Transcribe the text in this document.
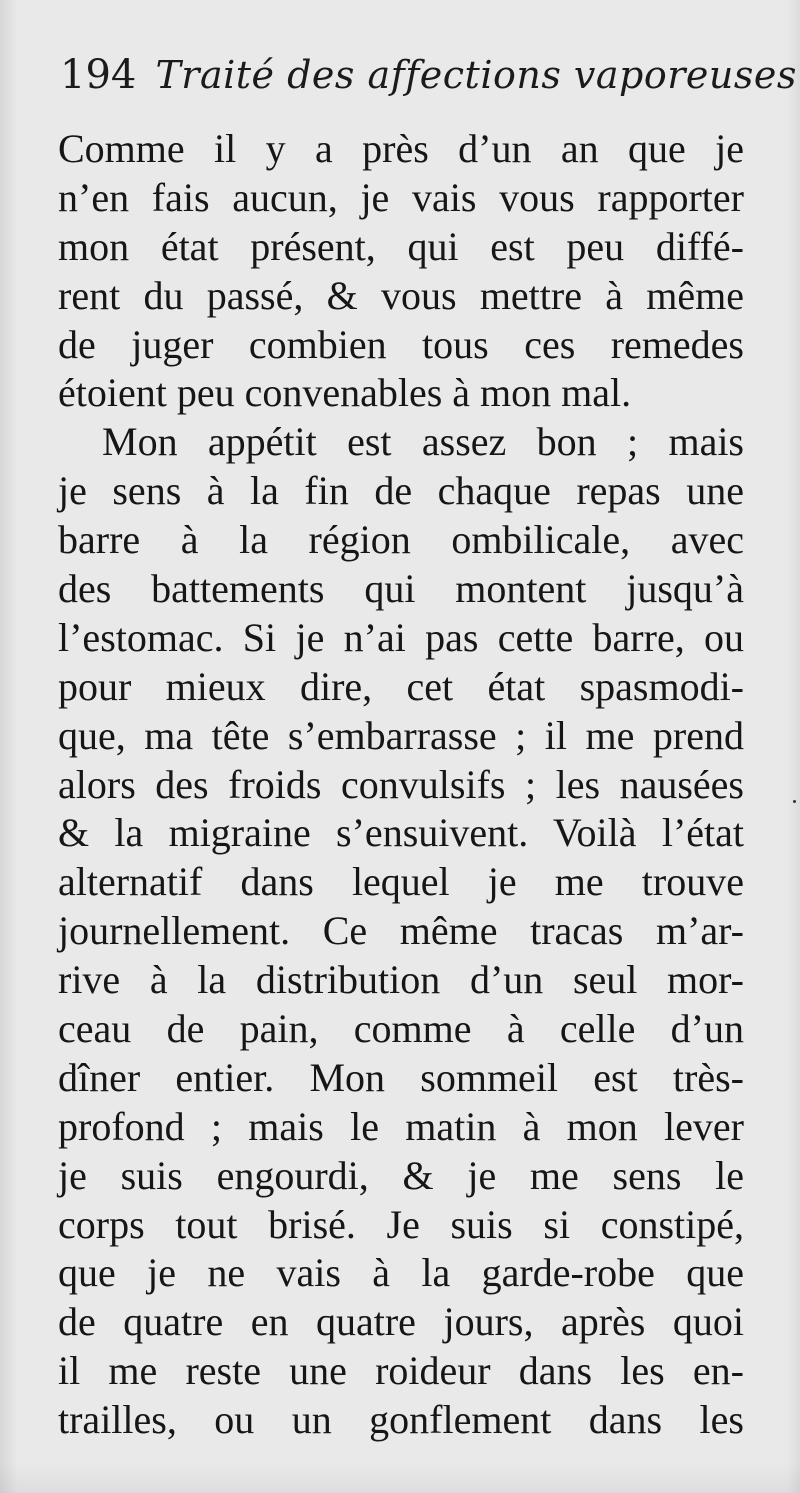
194 Traité des affections vaporeuses
Comme il y a près d’un an que je
n’en fais aucun, je vais vous rapporter
mon état présent, qui est peu diffé-
rent du passé, & vous mettre à même
de juger combien tous ces remedes
étoient peu convenables à mon mal.
Mon appétit est assez bon ; mais
je sens à la fin de chaque repas une
barre à la région ombilicale, avec
des battements qui montent jusqu’à
l’estomac. Si je n’ai pas cette barre, ou
pour mieux dire, cet état spasmodi-
que, ma tête s’embarrasse ; il me prend
alors des froids convulsifs ; les nausées
& la migraine s’ensuivent. Voilà l’état
alternatif dans lequel je me trouve
journellement. Ce même tracas m’ar-
rive à la distribution d’un seul mor-
ceau de pain, comme à celle d’un
dîner entier. Mon sommeil est très-
profond ; mais le matin à mon lever
je suis engourdi, & je me sens le
corps tout brisé. Je suis si constipé,
que je ne vais à la garde-robe que
de quatre en quatre jours, après quoi
il me reste une roideur dans les en-
trailles, ou un gonflement dans les
